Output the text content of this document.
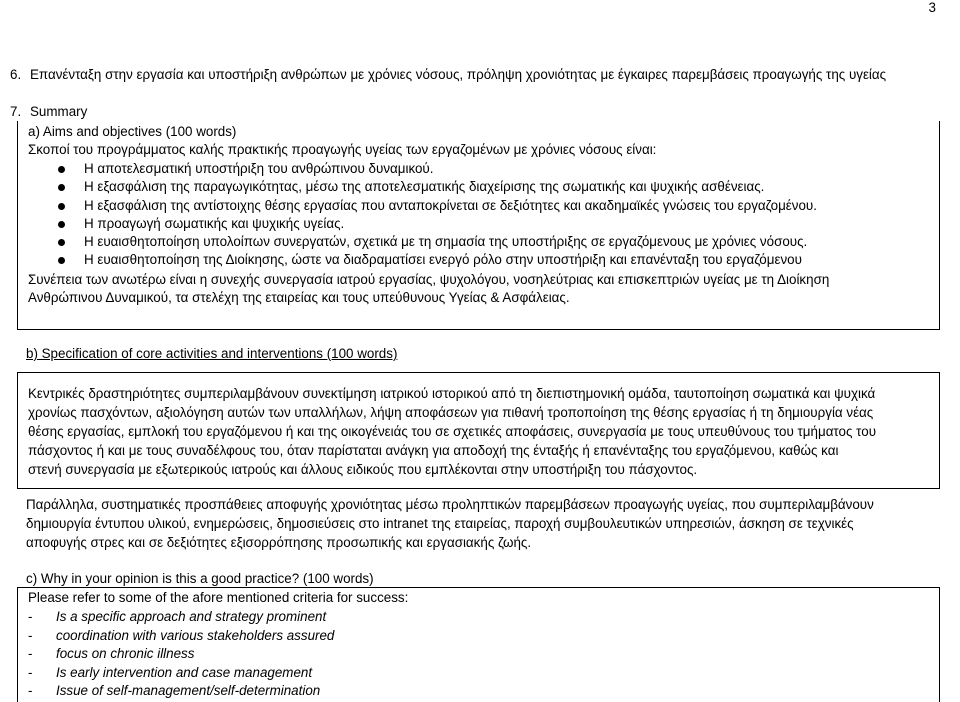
3
6. Επανένταξη στην εργασία και υποστήριξη ανθρώπων με χρόνιες νόσους, πρόληψη χρονιότητας με έγκαιρες παρεμβάσεις προαγωγής της υγείας
7. Summary
a) Aims and objectives (100 words)
Σκοποί του προγράμματος καλής πρακτικής προαγωγής υγείας των εργαζομένων με χρόνιες νόσους είναι:
Η αποτελεσματική υποστήριξη του ανθρώπινου δυναμικού.
Η εξασφάλιση της παραγωγικότητας, μέσω της αποτελεσματικής διαχείρισης της σωματικής και ψυχικής ασθένειας.
Η εξασφάλιση της αντίστοιχης θέσης εργασίας που ανταποκρίνεται σε δεξιότητες και ακαδημαϊκές γνώσεις του εργαζομένου.
Η προαγωγή σωματικής και ψυχικής υγείας.
Η ευαισθητοποίηση υπολοίπων συνεργατών, σχετικά με τη σημασία της υποστήριξης σε εργαζόμενους με χρόνιες νόσους.
Η ευαισθητοποίηση της Διοίκησης, ώστε να διαδραματίσει ενεργό ρόλο στην υποστήριξη και επανένταξη του εργαζόμενου
Συνέπεια των ανωτέρω είναι η συνεχής συνεργασία ιατρού εργασίας, ψυχολόγου, νοσηλεύτριας και επισκεπτριών υγείας με τη Διοίκηση
Ανθρώπινου Δυναμικού, τα στελέχη της εταιρείας και τους υπεύθυνους Υγείας & Ασφάλειας.
b) Specification of core activities and interventions (100 words)
Κεντρικές δραστηριότητες συμπεριλαμβάνουν συνεκτίμηση ιατρικού ιστορικού από τη διεπιστημονική ομάδα, ταυτοποίηση σωματικά και ψυχικά
χρονίως πασχόντων, αξιολόγηση αυτών των υπαλλήλων, λήψη αποφάσεων για πιθανή τροποποίηση της θέσης εργασίας ή τη δημιουργία νέας
θέσης εργασίας, εμπλοκή του εργαζόμενου ή και της οικογένειάς του σε σχετικές αποφάσεις, συνεργασία με τους υπευθύνους του τμήματος του
πάσχοντος ή και με τους συναδέλφους του, όταν παρίσταται ανάγκη για αποδοχή της ένταξής ή επανένταξης του εργαζόμενου, καθώς και
στενή συνεργασία με εξωτερικούς ιατρούς και άλλους ειδικούς που εμπλέκονται στην υποστήριξη του πάσχοντος.
Παράλληλα, συστηματικές προσπάθειες αποφυγής χρονιότητας μέσω προληπτικών παρεμβάσεων προαγωγής υγείας, που συμπεριλαμβάνουν
δημιουργία έντυπου υλικού, ενημερώσεις, δημοσιεύσεις στο intranet της εταιρείας, παροχή συμβουλευτικών υπηρεσιών, άσκηση σε τεχνικές
αποφυγής στρες και σε δεξιότητες εξισορρόπησης προσωπικής και εργασιακής ζωής.
c) Why in your opinion is this a good practice? (100 words)
Please refer to some of the afore mentioned criteria for success:
- Is a specific approach and strategy prominent
- coordination with various stakeholders assured
- focus on chronic illness
- Is early intervention and case management
- Issue of self-management/self-determination
